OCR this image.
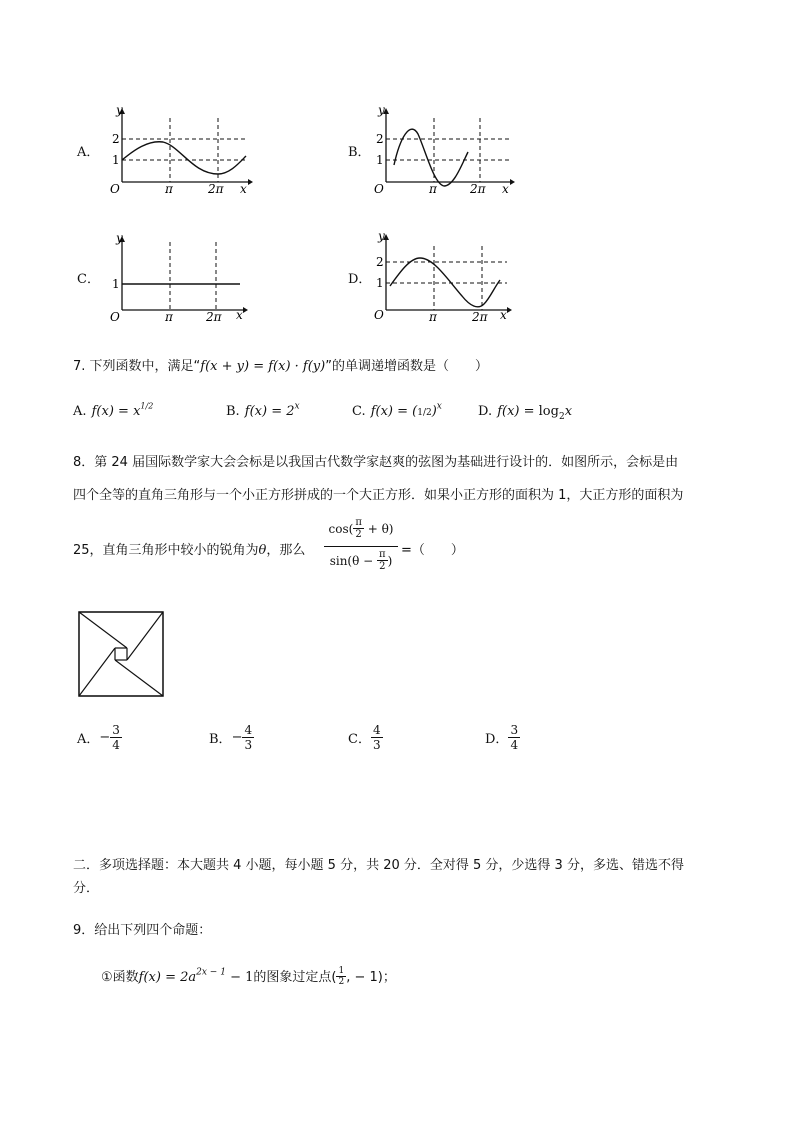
A．
y
x
O
2
1
π	2π
B．
y
x
O
2
1
π	2π
C．
y
x
O
1
π	2π
D．
y
x
O
2
1
π	2π
7. 下列函数中，满足“f(x + y) = f(x) · f(y)”的单调递增函数是（　　）
A. $f(x) = x^{1/2}$	B. $f(x) = 2^x$	C. $f(x) = (1/2)^x$	D. $f(x) = \log_2x$
8．第 24 届国际数学家大会会标是以我国古代数学家赵爽的弦图为基础进行设计的．如图所示，会标是由
四个全等的直角三角形与一个小正方形拼成的一个大正方形．如果小正方形的面积为 1，大正方形的面积为
25，直角三角形中较小的锐角为θ，那么
$\cos( \frac{\pi}{2} + \theta)$
$\sin(\theta - \frac{\pi}{2}$ )
=（　　）
A．− $\frac{3}{4}$	B．− $\frac{4}{3}$	C． $\frac{4}{3}$	D． $\frac{3}{4}$
二．多项选择题：本大题共 4 小题，每小题 5 分，共 20 分．全对得 5 分，少选得 3 分，多选、错选不得
分．
9．给出下列四个命题：
①函数$f(x) = 2a^{2x - 1} - 1$的图象过定点( $\frac{1}{2}$ , − 1)；
